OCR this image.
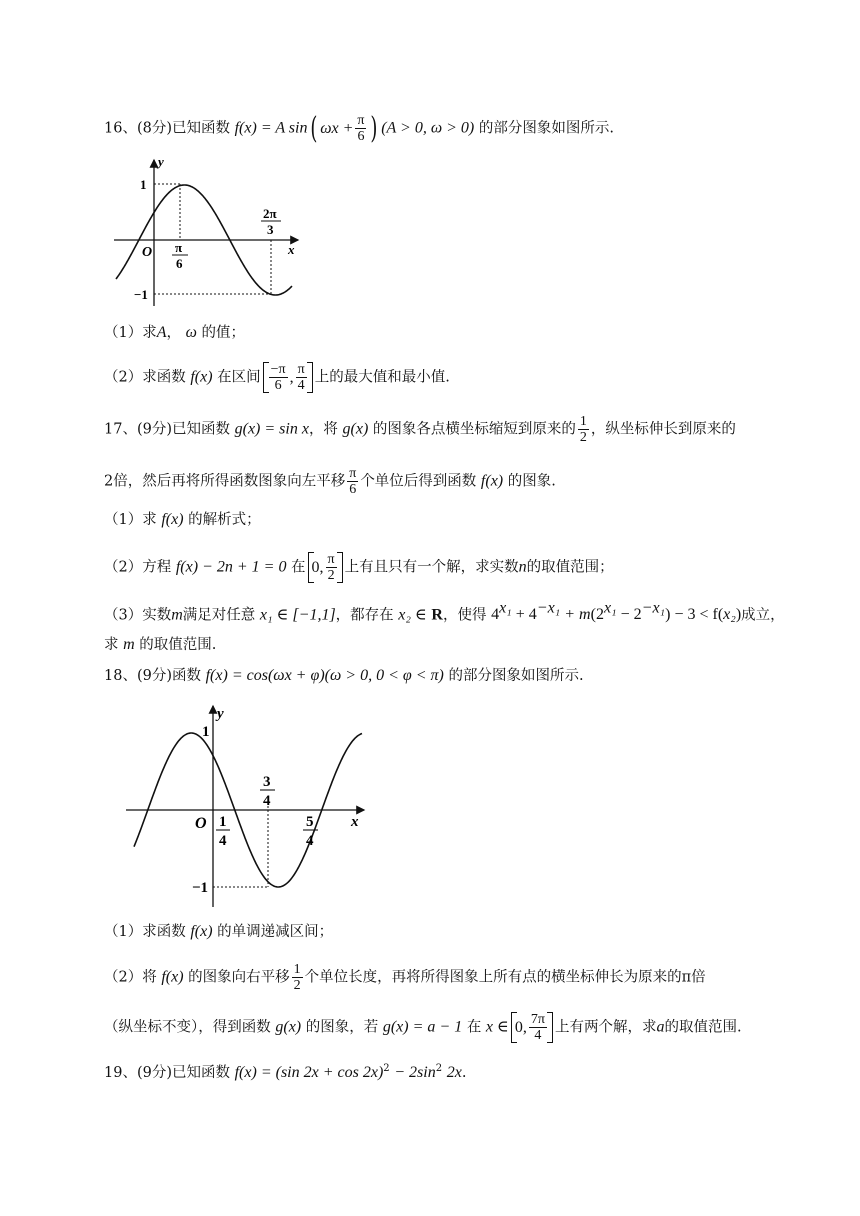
16、(8分)已知函数 f(x) = A sin ( $\omega x + \frac{\pi}{6}$ ) (A > 0, ω > 0) 的部分图象如图所示.
y
x
O
1
−1
π
6
2π
3
（1）求A， ω 的值；
（2）求函数 f(x) 在区间 $\frac{-\pi}{6}$ , $\frac{\pi}{4}$ 上的最大值和最小值.
17、(9分)已知函数 g(x) = sin x，将 g(x) 的图象各点横坐标缩短到原来的 $\frac{1}{2}$ ，纵坐标伸长到原来的
2倍，然后再将所得函数图象向左平移 $\frac{\pi}{6}$ 个单位后得到函数 f(x) 的图象.
（1）求 f(x) 的解析式；
（2）方程 f(x) − 2n + 1 = 0 在 0, $\frac{\pi}{2}$ 上有且只有一个解，求实数n的取值范围；
（3）实数m满足对任意 x₁ ∈ [−1,1]，都存在 x₂ ∈ R，使得 $4^{x_1} + 4^{-x_1} + m(2^{x_1} - 2^{-x_1}) - 3 < f(x_2)$成立，
求 m 的取值范围.
18、(9分)函数 f(x) = cos(ωx + φ)(ω > 0, 0 < φ < π) 的部分图象如图所示.
y
x
O
1
−1
1
4
3
4
5
4
（1）求函数 f(x) 的单调递减区间；
（2）将 f(x) 的图象向右平移 $\frac{1}{2}$ 个单位长度，再将所得图象上所有点的横坐标伸长为原来的π倍
（纵坐标不变），得到函数 g(x) 的图象，若 g(x) = a − 1 在 x ∈ 0, $\frac{7\pi}{4}$ 上有两个解，求a的取值范围.
19、(9分)已知函数 f(x) = (sin $2x + \cos 2x)^2 - 2\sin^2$ 2x.
